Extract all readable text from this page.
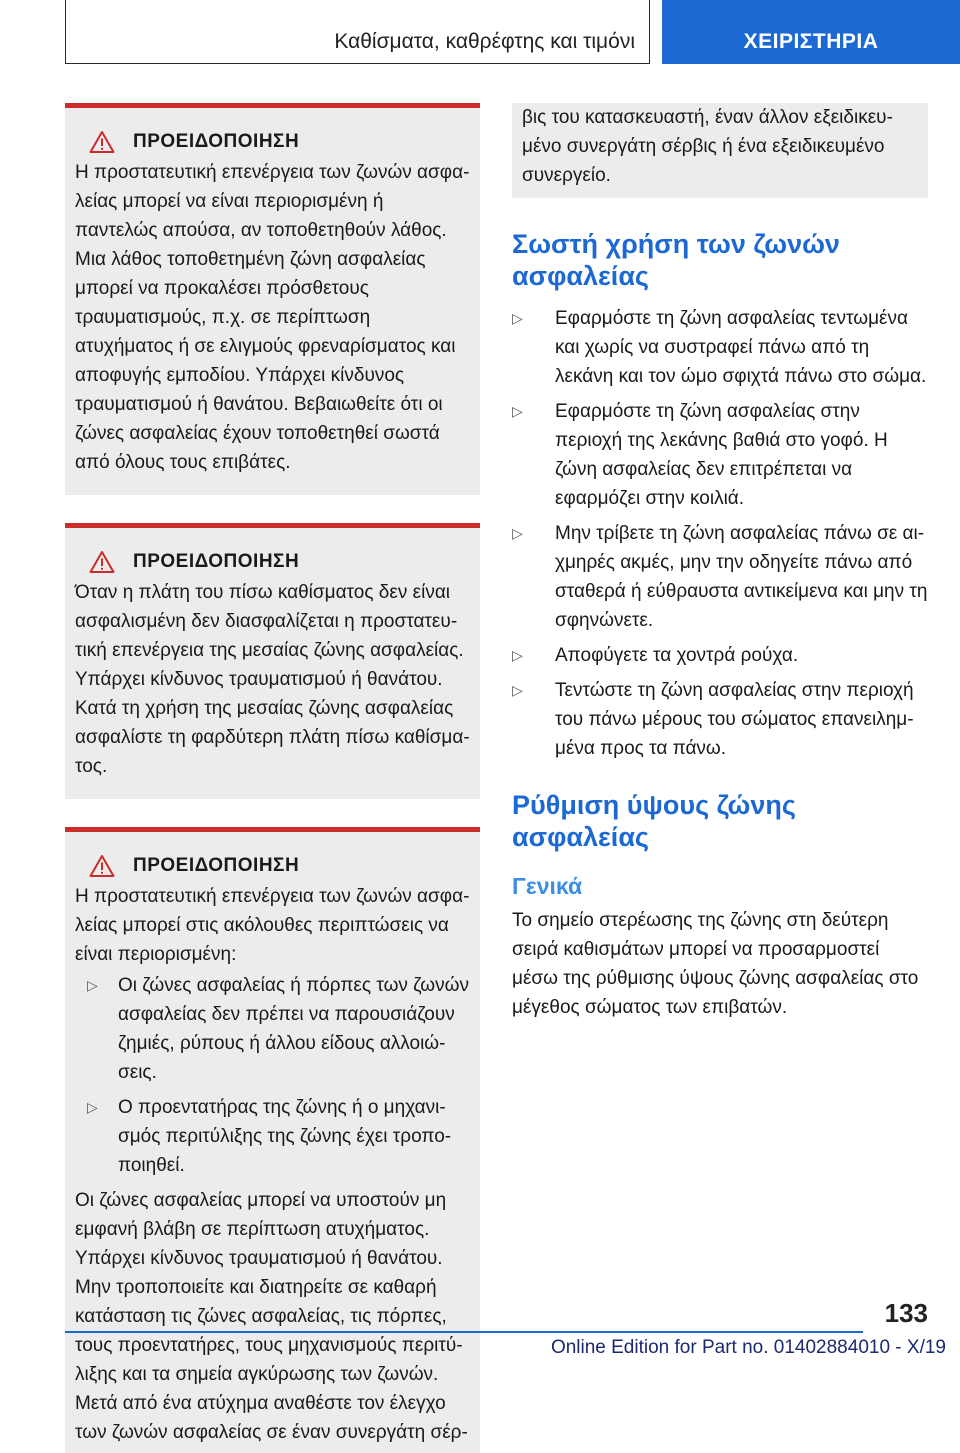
Καθίσματα, καθρέφτης και τιμόνι	ΧΕΙΡΙΣΤΗΡΙΑ
ΠΡΟΕΙΔΟΠΟΙΗΣΗ

Η προστατευτική επενέργεια των ζωνών ασφαλείας μπορεί να είναι περιορισμένη ή παντελώς απούσα, αν τοποθετηθούν λάθος. Μια λάθος τοποθετημένη ζώνη ασφαλείας μπορεί να προκαλέσει πρόσθετους τραυματισμούς, π.χ. σε περίπτωση ατυχήματος ή σε ελιγμούς φρεναρίσματος και αποφυγής εμποδίου. Υπάρχει κίνδυνος τραυματισμού ή θανάτου. Βεβαιωθείτε ότι οι ζώνες ασφαλείας έχουν τοποθετηθεί σωστά από όλους τους επιβάτες.

ΠΡΟΕΙΔΟΠΟΙΗΣΗ

Όταν η πλάτη του πίσω καθίσματος δεν είναι ασφαλισμένη δεν διασφαλίζεται η προστατευτική επενέργεια της μεσαίας ζώνης ασφαλείας. Υπάρχει κίνδυνος τραυματισμού ή θανάτου. Κατά τη χρήση της μεσαίας ζώνης ασφαλείας ασφαλίστε τη φαρδύτερη πλάτη πίσω καθίσματος.

ΠΡΟΕΙΔΟΠΟΙΗΣΗ

Η προστατευτική επενέργεια των ζωνών ασφαλείας μπορεί στις ακόλουθες περιπτώσεις να είναι περιορισμένη:

▷	Οι ζώνες ασφαλείας ή πόρπες των ζωνών ασφαλείας δεν πρέπει να παρουσιάζουν ζημιές, ρύπους ή άλλου είδους αλλοιώσεις.
▷	Ο προεντατήρας της ζώνης ή ο μηχανισμός περιτύλιξης της ζώνης έχει τροποποιηθεί.

Οι ζώνες ασφαλείας μπορεί να υποστούν μη εμφανή βλάβη σε περίπτωση ατυχήματος. Υπάρχει κίνδυνος τραυματισμού ή θανάτου. Μην τροποποιείτε και διατηρείτε σε καθαρή κατάσταση τις ζώνες ασφαλείας, τις πόρπες, τους προεντατήρες, τους μηχανισμούς περιτύλιξης και τα σημεία αγκύρωσης των ζωνών. Μετά από ένα ατύχημα αναθέστε τον έλεγχο των ζωνών ασφαλείας σε έναν συνεργάτη σέρ-

βις του κατασκευαστή, έναν άλλον εξειδικευμένο συνεργάτη σέρβις ή ένα εξειδικευμένο συνεργείο.

Σωστή χρήση των ζωνών ασφαλείας
▷	Εφαρμόστε τη ζώνη ασφαλείας τεντωμένα και χωρίς να συστραφεί πάνω από τη λεκάνη και τον ώμο σφιχτά πάνω στο σώμα.
▷	Εφαρμόστε τη ζώνη ασφαλείας στην περιοχή της λεκάνης βαθιά στο γοφό. Η ζώνη ασφαλείας δεν επιτρέπεται να εφαρμόζει στην κοιλιά.
▷	Μην τρίβετε τη ζώνη ασφαλείας πάνω σε αιχμηρές ακμές, μην την οδηγείτε πάνω από σταθερά ή εύθραυστα αντικείμενα και μην τη σφηνώνετε.
▷	Αποφύγετε τα χοντρά ρούχα.
▷	Τεντώστε τη ζώνη ασφαλείας στην περιοχή του πάνω μέρους του σώματος επανειλημμένα προς τα πάνω.
Ρύθμιση ύψους ζώνης ασφαλείας
Γενικά

Το σημείο στερέωσης της ζώνης στη δεύτερη σειρά καθισμάτων μπορεί να προσαρμοστεί μέσω της ρύθμισης ύψους ζώνης ασφαλείας στο μέγεθος σώματος των επιβατών.

133
Online Edition for Part no. 01402884010 - X/19
